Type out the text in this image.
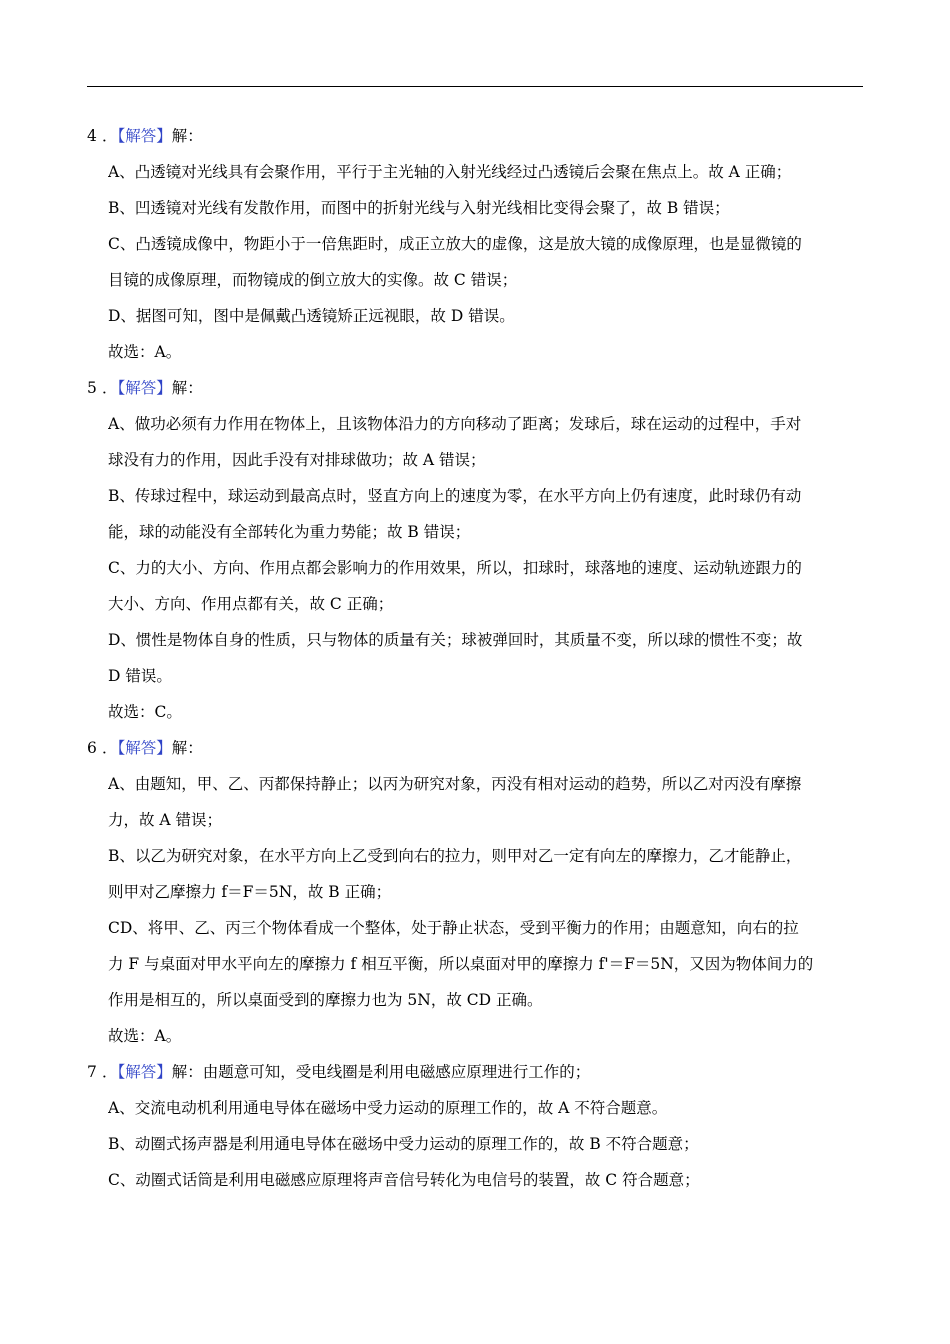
4 ．【解答】解：
A、凸透镜对光线具有会聚作用，平行于主光轴的入射光线经过凸透镜后会聚在焦点上。故 A 正确；
B、凹透镜对光线有发散作用，而图中的折射光线与入射光线相比变得会聚了，故 B 错误；
C、凸透镜成像中，物距小于一倍焦距时，成正立放大的虚像，这是放大镜的成像原理，也是显微镜的
目镜的成像原理，而物镜成的倒立放大的实像。故 C 错误；
D、据图可知，图中是佩戴凸透镜矫正远视眼，故 D 错误。
故选：A。
5 ．【解答】解：
A、做功必须有力作用在物体上，且该物体沿力的方向移动了距离；发球后，球在运动的过程中，手对
球没有力的作用，因此手没有对排球做功；故 A 错误；
B、传球过程中，球运动到最高点时，竖直方向上的速度为零，在水平方向上仍有速度，此时球仍有动
能，球的动能没有全部转化为重力势能；故 B 错误；
C、力的大小、方向、作用点都会影响力的作用效果，所以，扣球时，球落地的速度、运动轨迹跟力的
大小、方向、作用点都有关，故 C 正确；
D、惯性是物体自身的性质，只与物体的质量有关；球被弹回时，其质量不变，所以球的惯性不变；故
D 错误。
故选：C。
6 ．【解答】解：
A、由题知，甲、乙、丙都保持静止；以丙为研究对象，丙没有相对运动的趋势，所以乙对丙没有摩擦
力，故 A 错误；
B、以乙为研究对象，在水平方向上乙受到向右的拉力，则甲对乙一定有向左的摩擦力，乙才能静止，
则甲对乙摩擦力 f＝F＝5N，故 B 正确；
CD、将甲、乙、丙三个物体看成一个整体，处于静止状态，受到平衡力的作用；由题意知，向右的拉
力 F 与桌面对甲水平向左的摩擦力 f 相互平衡，所以桌面对甲的摩擦力 f'＝F＝5N，又因为物体间力的
作用是相互的，所以桌面受到的摩擦力也为 5N，故 CD 正确。
故选：A。
7 ．【解答】解：由题意可知，受电线圈是利用电磁感应原理进行工作的；
A、交流电动机利用通电导体在磁场中受力运动的原理工作的，故 A 不符合题意。
B、动圈式扬声器是利用通电导体在磁场中受力运动的原理工作的，故 B 不符合题意；
C、动圈式话筒是利用电磁感应原理将声音信号转化为电信号的装置，故 C 符合题意；
